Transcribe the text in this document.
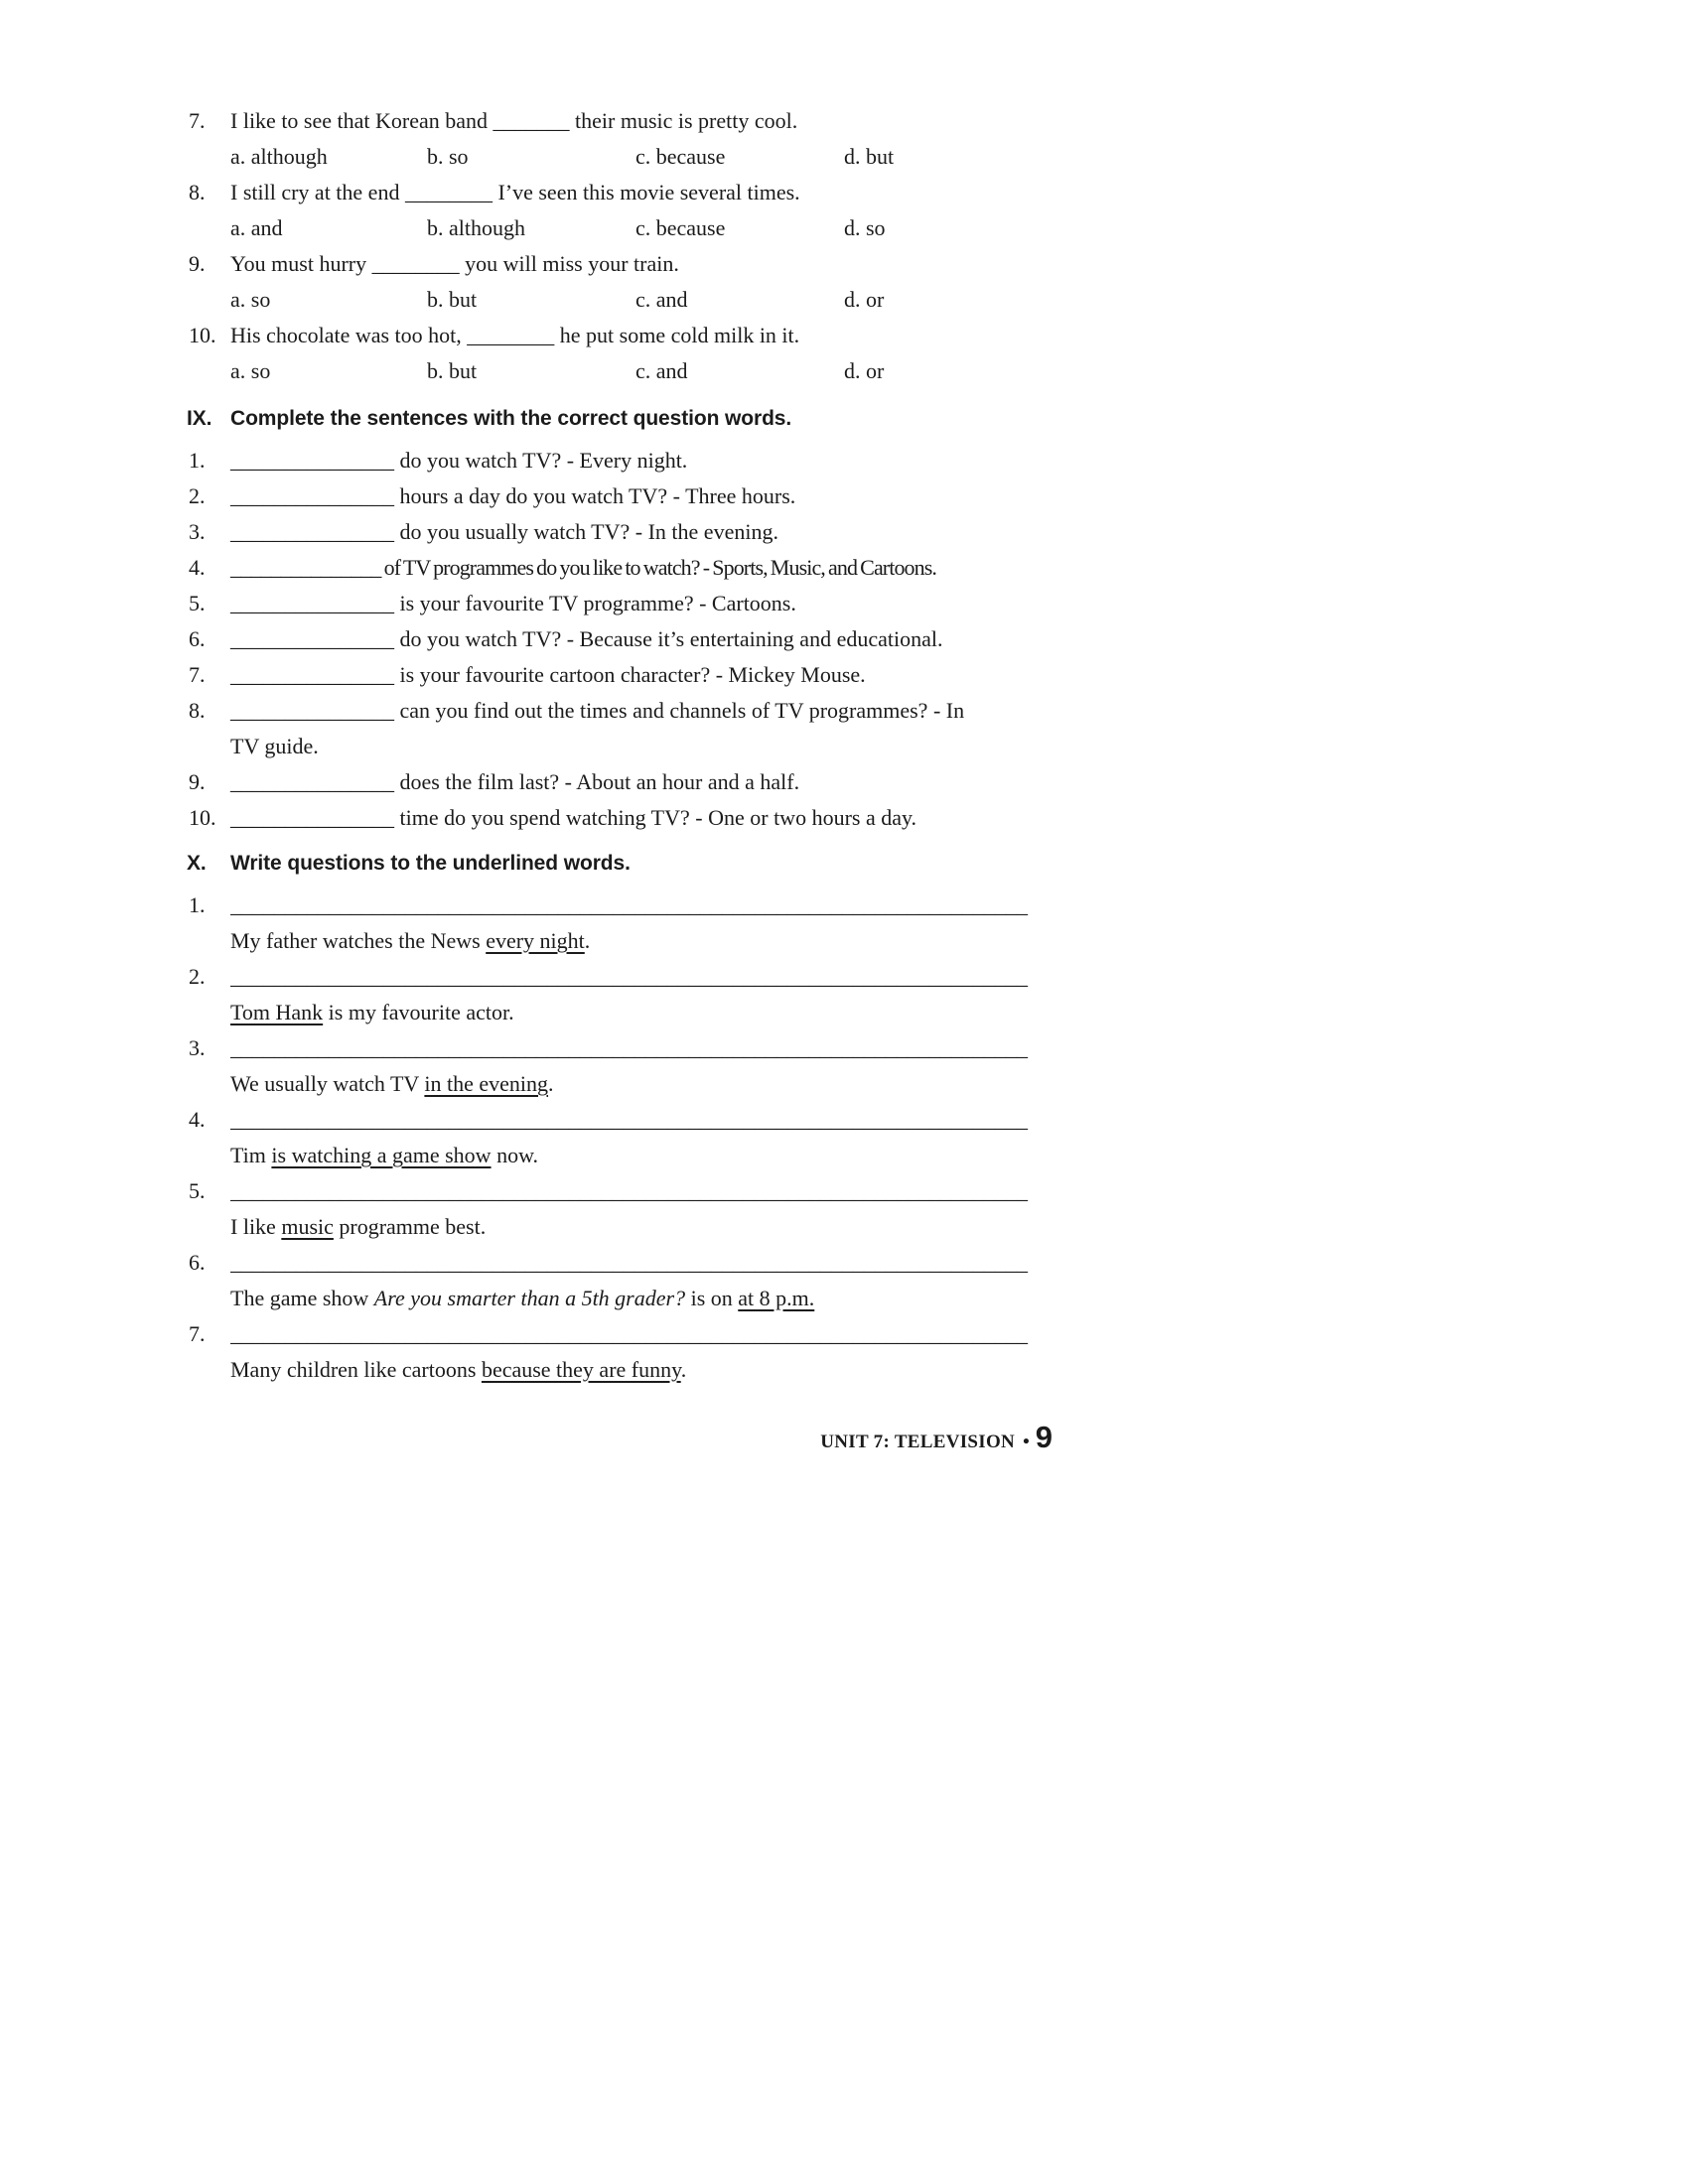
7.	I like to see that Korean band _______ their music is pretty cool.
a. although	b. so	c. because	d. but
8.	I still cry at the end ________ I’ve seen this movie several times.
a. and	b. although	c. because	d. so
9.	You must hurry ________ you will miss your train.
a. so	b. but	c. and	d. or
10. His chocolate was too hot, ________ he put some cold milk in it.
a. so	b. but	c. and	d. or
IX. Complete the sentences with the correct question words.
1.	_______________ do you watch TV? - Every night.
2.	_______________ hours a day do you watch TV? - Three hours.
3.	_______________ do you usually watch TV? - In the evening.
4.	_______________ of TV programmes do you like to watch? - Sports, Music, and Cartoons.
5.	_______________ is your favourite TV programme? - Cartoons.
6.	_______________ do you watch TV? - Because it’s entertaining and educational.
7.	_______________ is your favourite cartoon character? - Mickey Mouse.
8.	_______________ can you find out the times and channels of TV programmes? - In
TV guide.
9.	_______________ does the film last? - About an hour and a half.
10. _______________ time do you spend watching TV? - One or two hours a day.
X.	Write questions to the underlined words.
1.	_________________________________________________________________________
My father watches the News every night.
2.	_________________________________________________________________________
Tom Hank is my favourite actor.
3.	_________________________________________________________________________
We usually watch TV in the evening.
4.	_________________________________________________________________________
Tim is watching a game show now.
5.	_________________________________________________________________________
I like music programme best.
6.	_________________________________________________________________________
The game show Are you smarter than a 5th grader? is on at 8 p.m.
7.	_________________________________________________________________________
Many children like cartoons because they are funny.
UNIT 7: TELEVISION • 9
